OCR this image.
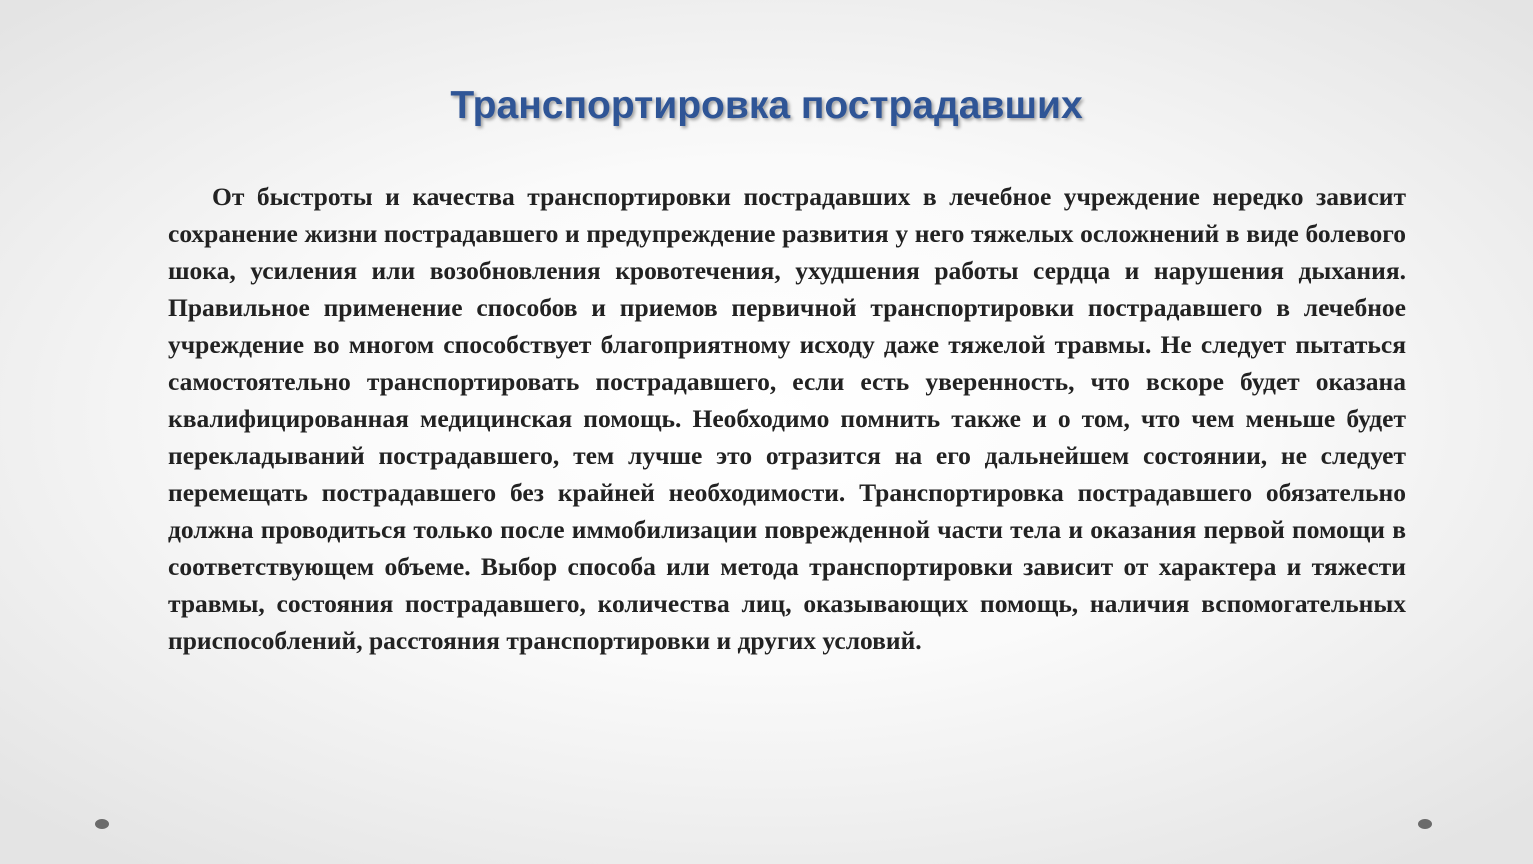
Транспортировка пострадавших

От быстроты и качества транспортировки пострадавших в лечебное учреждение нередко зависит сохранение жизни пострадавшего и предупреждение развития у него тяжелых осложнений в виде болевого шока, усиления или возобновления кровотечения, ухудшения работы сердца и нарушения дыхания. Правильное применение способов и приемов первичной транспортировки пострадавшего в лечебное учреждение во многом способствует благоприятному исходу даже тяжелой травмы. Не следует пытаться самостоятельно транспортировать пострадавшего, если есть уверенность, что вскоре будет оказана квалифицированная медицинская помощь. Необходимо помнить также и о том, что чем меньше будет перекладываний пострадавшего, тем лучше это отразится на его дальнейшем состоянии, не следует перемещать пострадавшего без крайней необходимости. Транспортировка пострадавшего обязательно должна проводиться только после иммобилизации поврежденной части тела и оказания первой помощи в соответствующем объеме. Выбор способа или метода транспортировки зависит от характера и тяжести травмы, состояния пострадавшего, количества лиц, оказывающих помощь, наличия вспомогательных приспособлений, расстояния транспортировки и других условий.
